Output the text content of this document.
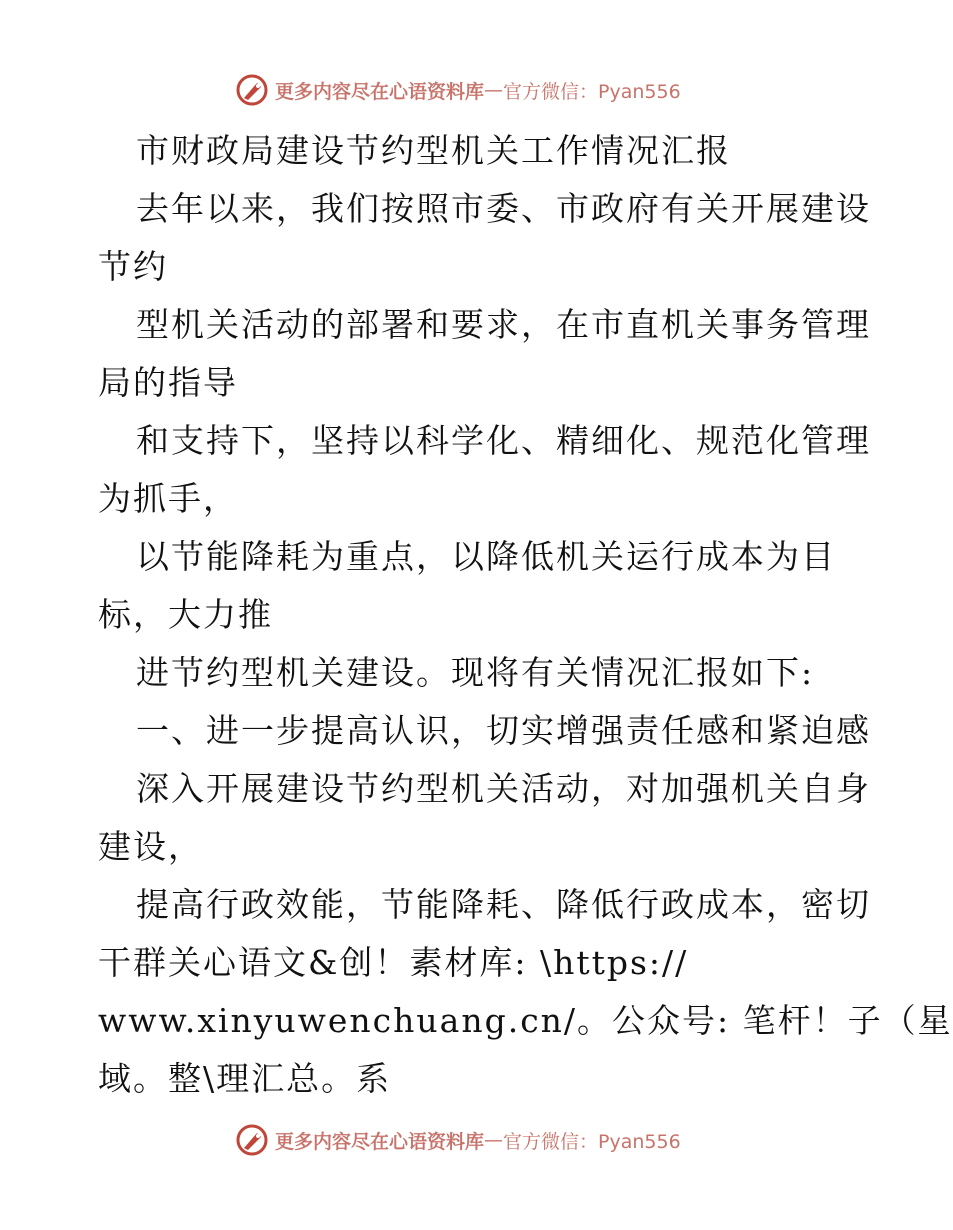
更多内容尽在心语资料库 — 官方微信：Pyan556
市财政局建设节约型机关工作情况汇报
去年以来，我们按照市委、市政府有关开展建设
节约
型机关活动的部署和要求，在市直机关事务管理
局的指导
和支持下，坚持以科学化、精细化、规范化管理
为抓手，
以节能降耗为重点，以降低机关运行成本为目
标，大力推
进节约型机关建设。现将有关情况汇报如下:
一、进一步提高认识，切实增强责任感和紧迫感
深入开展建设节约型机关活动，对加强机关自身
建设，
提高行政效能，节能降耗、降低行政成本，密切
干群关心语文&创！素材库: \https://
www.xinyuwenchuang.cn/。公众号: 笔杆！子（星
域。整\理汇总。系
更多内容尽在心语资料库 — 官方微信：Pyan556
